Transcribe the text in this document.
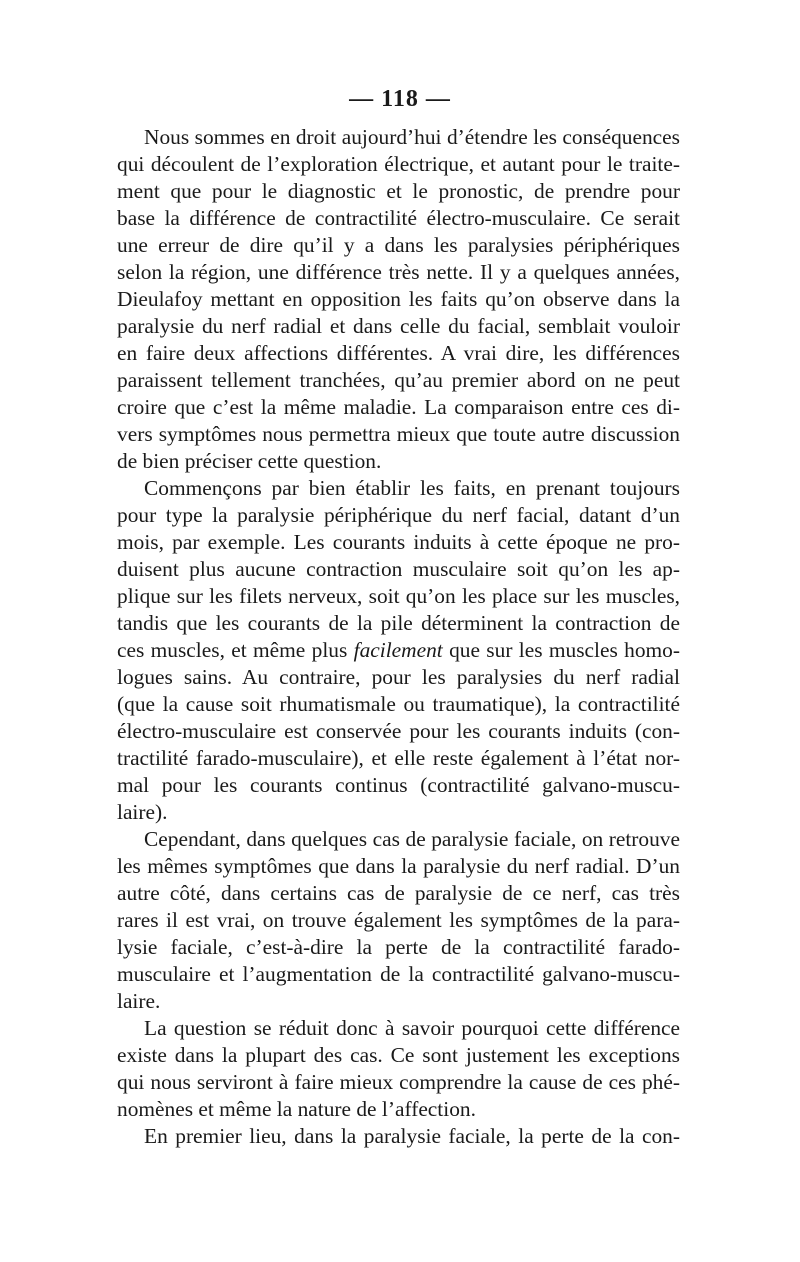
— 118 —
Nous sommes en droit aujourd’hui d’étendre les conséquences
qui découlent de l’exploration électrique, et autant pour le traite-
ment que pour le diagnostic et le pronostic, de prendre pour
base la différence de contractilité électro-musculaire. Ce serait
une erreur de dire qu’il y a dans les paralysies périphériques
selon la région, une différence très nette. Il y a quelques années,
Dieulafoy mettant en opposition les faits qu’on observe dans la
paralysie du nerf radial et dans celle du facial, semblait vouloir
en faire deux affections différentes. A vrai dire, les différences
paraissent tellement tranchées, qu’au premier abord on ne peut
croire que c’est la même maladie. La comparaison entre ces di-
vers symptômes nous permettra mieux que toute autre discussion
de bien préciser cette question.
Commençons par bien établir les faits, en prenant toujours
pour type la paralysie périphérique du nerf facial, datant d’un
mois, par exemple. Les courants induits à cette époque ne pro-
duisent plus aucune contraction musculaire soit qu’on les ap-
plique sur les filets nerveux, soit qu’on les place sur les muscles,
tandis que les courants de la pile déterminent la contraction de
ces muscles, et même plus facilement que sur les muscles homo-
logues sains. Au contraire, pour les paralysies du nerf radial
(que la cause soit rhumatismale ou traumatique), la contractilité
électro-musculaire est conservée pour les courants induits (con-
tractilité farado-musculaire), et elle reste également à l’état nor-
mal pour les courants continus (contractilité galvano-muscu-
laire).
Cependant, dans quelques cas de paralysie faciale, on retrouve
les mêmes symptômes que dans la paralysie du nerf radial. D’un
autre côté, dans certains cas de paralysie de ce nerf, cas très
rares il est vrai, on trouve également les symptômes de la para-
lysie faciale, c’est-à-dire la perte de la contractilité farado-
musculaire et l’augmentation de la contractilité galvano-muscu-
laire.
La question se réduit donc à savoir pourquoi cette différence
existe dans la plupart des cas. Ce sont justement les exceptions
qui nous serviront à faire mieux comprendre la cause de ces phé-
nomènes et même la nature de l’affection.
En premier lieu, dans la paralysie faciale, la perte de la con-
